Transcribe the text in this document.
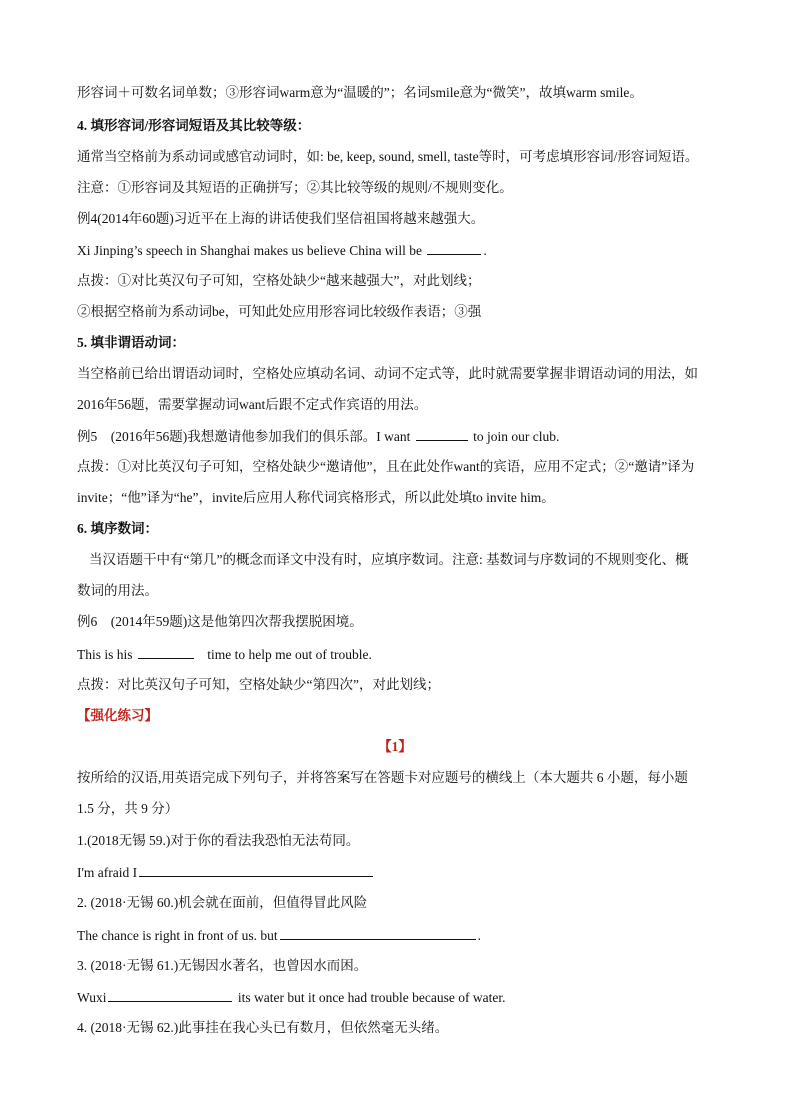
形容词＋可数名词单数；③形容词warm意为“温暖的”；名词smile意为“微笑”，故填warm smile。
4. 填形容词/形容词短语及其比较等级：
通常当空格前为系动词或感官动词时，如: be, keep, sound, smell, taste等时，可考虑填形容词/形容词短语。
注意：①形容词及其短语的正确拼写；②其比较等级的规则/不规则变化。
例4(2014年60题)习近平在上海的讲话使我们坚信祖国将越来越强大。
Xi Jinping’s speech in Shanghai makes us believe China will be	.
点拨：①对比英汉句子可知，空格处缺少“越来越强大”，对此划线；
②根据空格前为系动词be，可知此处应用形容词比较级作表语；③强
5. 填非谓语动词：
当空格前已给出谓语动词时，空格处应填动名词、动词不定式等，此时就需要掌握非谓语动词的用法，如
2016年56题，需要掌握动词want后跟不定式作宾语的用法。
例5　(2016年56题)我想邀请他参加我们的俱乐部。I want	to join our club.
点拨：①对比英汉句子可知，空格处缺少“邀请他”，且在此处作want的宾语，应用不定式；②“邀请”译为
invite；“他”译为“he”，invite后应用人称代词宾格形式，所以此处填to invite him。
6. 填序数词：
当汉语题干中有“第几”的概念而译文中没有时，应填序数词。注意: 基数词与序数词的不规则变化、概
数词的用法。
例6　(2014年59题)这是他第四次帮我摆脱困境。
This is his	time to help me out of trouble.
点拨：对比英汉句子可知，空格处缺少“第四次”，对此划线；
【强化练习】
【1】
按所给的汉语,用英语完成下列句子，并将答案写在答题卡对应题号的横线上（本大题共 6 小题，每小题
1.5 分，共 9 分）
1.(2018无锡 59.)对于你的看法我恐怕无法苟同。
I'm afraid I
2. (2018·无锡 60.)机会就在面前，但值得冒此风险
The chance is right in front of us. but	.
3. (2018·无锡 61.)无锡因水著名，也曾因水而困。
Wuxi	its water but it once had trouble because of water.
4. (2018·无锡 62.)此事挂在我心头已有数月，但依然毫无头绪。
